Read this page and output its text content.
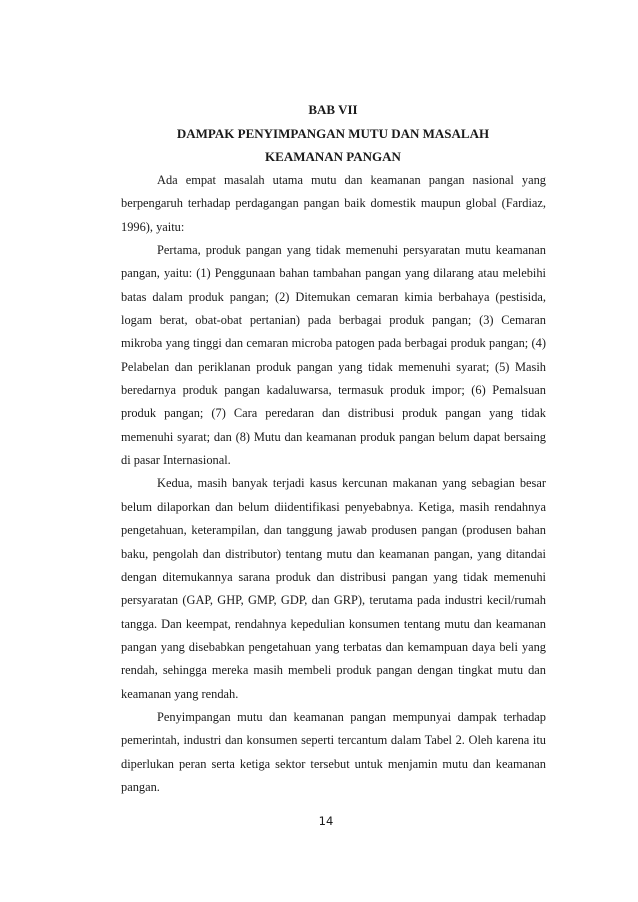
BAB VII
DAMPAK PENYIMPANGAN MUTU DAN MASALAH
KEAMANAN PANGAN

Ada empat masalah utama mutu dan keamanan pangan nasional yang berpengaruh terhadap perdagangan pangan baik domestik maupun global (Fardiaz, 1996), yaitu:

Pertama, produk pangan yang tidak memenuhi persyaratan mutu keamanan pangan, yaitu: (1) Penggunaan bahan tambahan pangan yang dilarang atau melebihi batas dalam produk pangan; (2) Ditemukan cemaran kimia berbahaya (pestisida, logam berat, obat-obat pertanian) pada berbagai produk pangan; (3) Cemaran mikroba yang tinggi dan cemaran microba patogen pada berbagai produk pangan; (4) Pelabelan dan periklanan produk pangan yang tidak memenuhi syarat; (5) Masih beredarnya produk pangan kadaluwarsa, termasuk produk impor; (6) Pemalsuan produk pangan; (7) Cara peredaran dan distribusi produk pangan yang tidak memenuhi syarat; dan (8) Mutu dan keamanan produk pangan belum dapat bersaing di pasar Internasional.

Kedua, masih banyak terjadi kasus kercunan makanan yang sebagian besar belum dilaporkan dan belum diidentifikasi penyebabnya. Ketiga, masih rendahnya pengetahuan, keterampilan, dan tanggung jawab produsen pangan (produsen bahan baku, pengolah dan distributor) tentang mutu dan keamanan pangan, yang ditandai dengan ditemukannya sarana produk dan distribusi pangan yang tidak memenuhi persyaratan (GAP, GHP, GMP, GDP, dan GRP), terutama pada industri kecil/rumah tangga. Dan keempat, rendahnya kepedulian konsumen tentang mutu dan keamanan pangan yang disebabkan pengetahuan yang terbatas dan kemampuan daya beli yang rendah, sehingga mereka masih membeli produk pangan dengan tingkat mutu dan keamanan yang rendah.

Penyimpangan mutu dan keamanan pangan mempunyai dampak terhadap pemerintah, industri dan konsumen seperti tercantum dalam Tabel 2. Oleh karena itu diperlukan peran serta ketiga sektor tersebut untuk menjamin mutu dan keamanan pangan.

14
